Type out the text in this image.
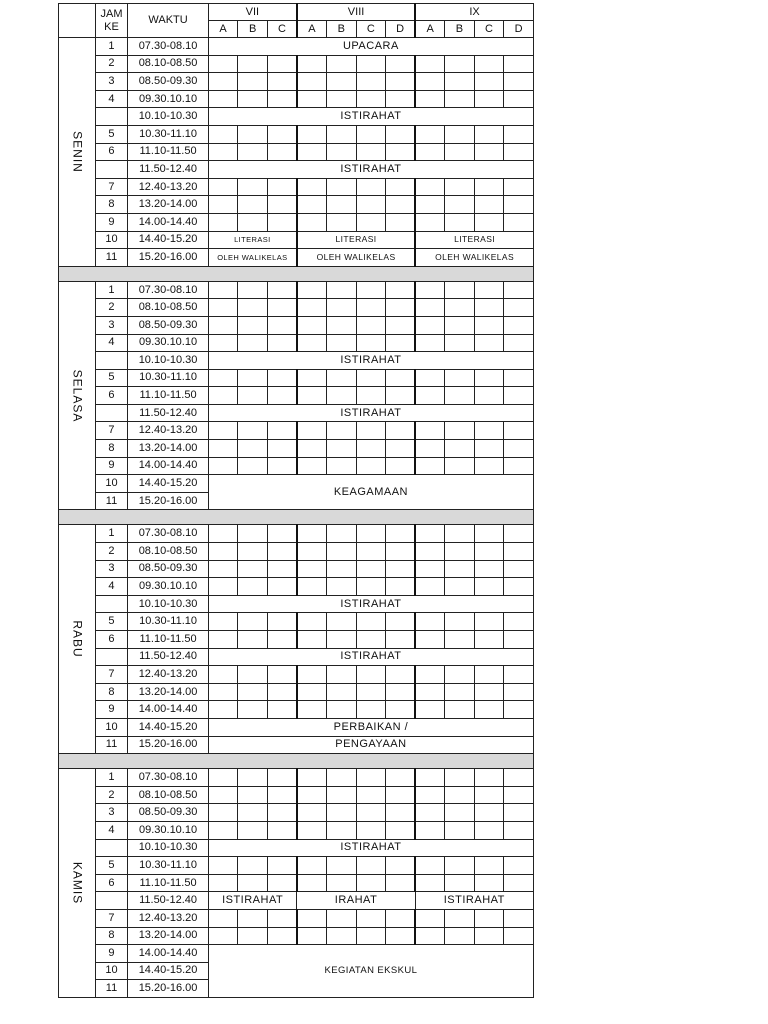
	JAM KE	WAKTU	VII			VIII				IX			
			A	B	C	A	B	C	D	A	B	C	D

SENIN	1	07.30-08.10	UPACARA										
	2	08.10-08.50											
	3	08.50-09.30											
	4	09.30.10.10											
		10.10-10.30	ISTIRAHAT										
	5	10.30-11.10											
	6	11.10-11.50											
		11.50-12.40	ISTIRAHAT										
	7	12.40-13.20											
	8	13.20-14.00											
	9	14.00-14.40											
	10	14.40-15.20	LITERASI			LITERASI				LITERASI			
	11	15.20-16.00	OLEH WALIKELAS			OLEH WALIKELAS				OLEH WALIKELAS			

SELASA	1	07.30-08.10											
	2	08.10-08.50											
	3	08.50-09.30											
	4	09.30.10.10											
		10.10-10.30	ISTIRAHAT										
	5	10.30-11.10											
	6	11.10-11.50											
		11.50-12.40	ISTIRAHAT										
	7	12.40-13.20											
	8	13.20-14.00											
	9	14.00-14.40											
	10	14.40-15.20	KEAGAMAAN										
	11	15.20-16.00											

RABU	1	07.30-08.10											
	2	08.10-08.50											
	3	08.50-09.30											
	4	09.30.10.10											
		10.10-10.30	ISTIRAHAT										
	5	10.30-11.10											
	6	11.10-11.50											
		11.50-12.40	ISTIRAHAT										
	7	12.40-13.20											
	8	13.20-14.00											
	9	14.00-14.40											
	10	14.40-15.20	PERBAIKAN /										
	11	15.20-16.00	PENGAYAAN										

KAMIS	1	07.30-08.10											
	2	08.10-08.50											
	3	08.50-09.30											
	4	09.30.10.10											
		10.10-10.30	ISTIRAHAT										
	5	10.30-11.10											
	6	11.10-11.50											
		11.50-12.40	ISTIRAHAT			IRAHAT				ISTIRAHAT			
	7	12.40-13.20											
	8	13.20-14.00											
	9	14.00-14.40	KEGIATAN EKSKUL										
	10	14.40-15.20											
	11	15.20-16.00											
